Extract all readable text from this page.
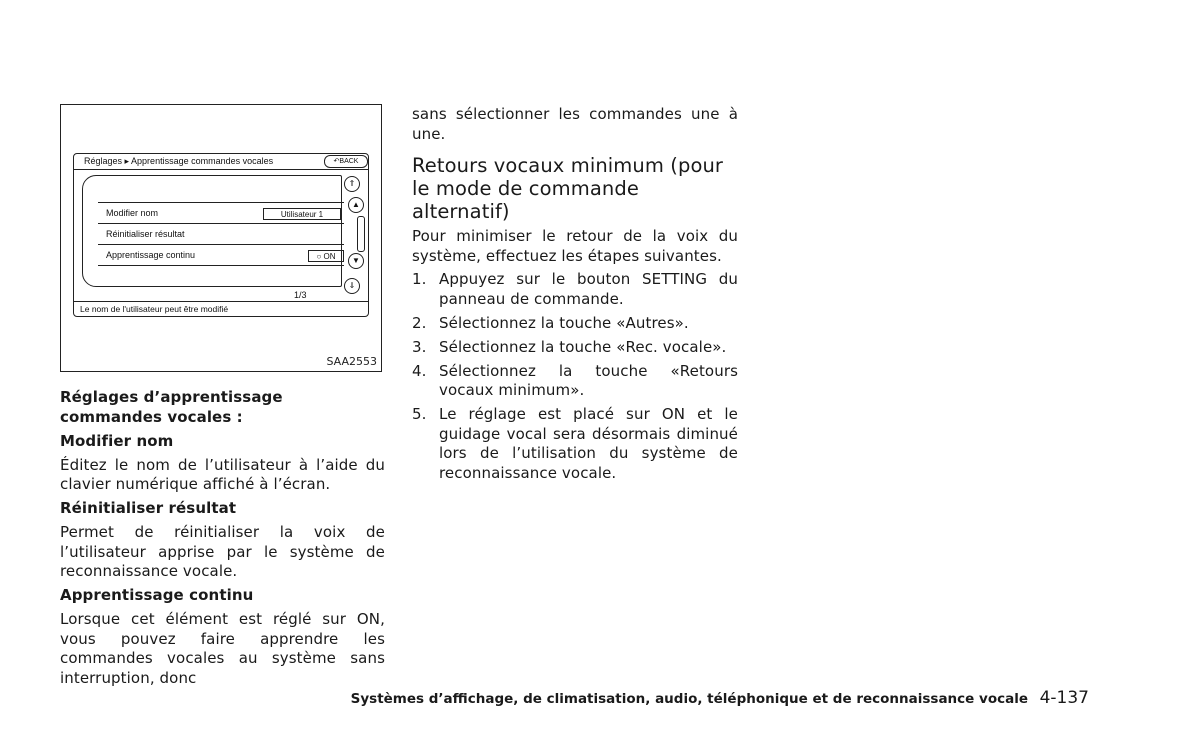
Réglages ▸ Apprentissage commandes vocales	↶BACK
Modifier nom	Utilisateur 1
Réinitialiser résultat
Apprentissage continu	○ ON
⇑
▲
▼
⇓
1/3
Le nom de l'utilisateur peut être modifié
SAA2553

Réglages d’apprentissage commandes vocales :

Modifier nom

Éditez le nom de l’utilisateur à l’aide du clavier numérique affiché à l’écran.

Réinitialiser résultat

Permet de réinitialiser la voix de l’utilisateur apprise par le système de reconnaissance vocale.

Apprentissage continu

Lorsque cet élément est réglé sur ON, vous pouvez faire apprendre les commandes vocales au système sans interruption, donc

sans sélectionner les commandes une à une.

Retours vocaux minimum (pour le mode de commande alternatif)

Pour minimiser le retour de la voix du système, effectuez les étapes suivantes.

1. Appuyez sur le bouton SETTING du panneau de commande.
2. Sélectionnez la touche «Autres».
3. Sélectionnez la touche «Rec. vocale».
4. Sélectionnez la touche «Retours vocaux minimum».
5. Le réglage est placé sur ON et le guidage vocal sera désormais diminué lors de l’utilisation du système de reconnaissance vocale.
Systèmes d’affichage, de climatisation, audio, téléphonique et de reconnaissance vocale 4-137
